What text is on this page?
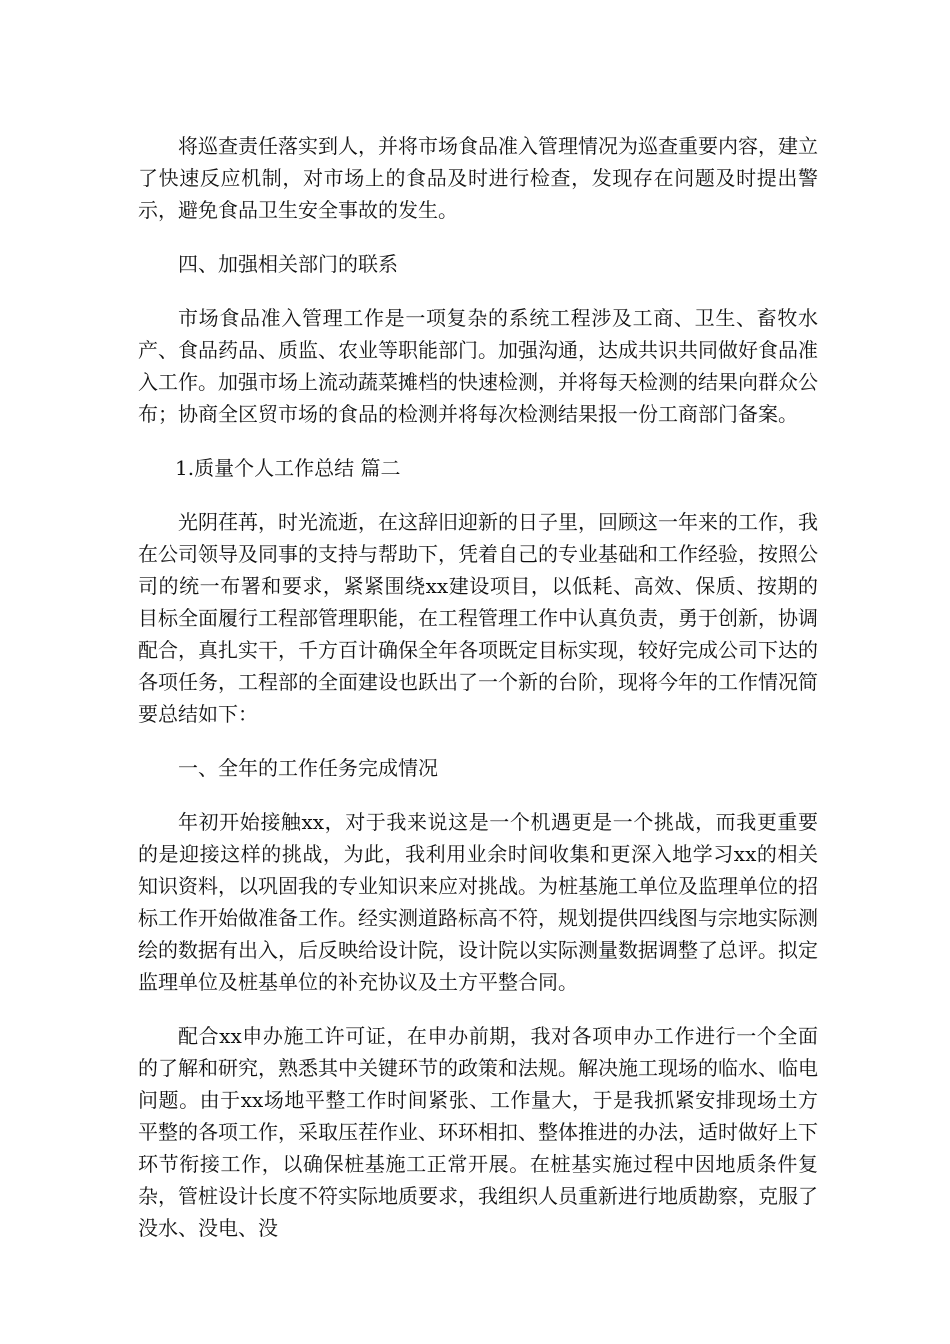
将巡查责任落实到人，并将市场食品准入管理情况为巡查重要内容，建立了快速反应机制，对市场上的食品及时进行检查，发现存在问题及时提出警示，避免食品卫生安全事故的发生。

四、加强相关部门的联系

市场食品准入管理工作是一项复杂的系统工程涉及工商、卫生、畜牧水产、食品药品、质监、农业等职能部门。加强沟通，达成共识共同做好食品准入工作。加强市场上流动蔬菜摊档的快速检测，并将每天检测的结果向群众公布；协商全区贸市场的食品的检测并将每次检测结果报一份工商部门备案。

1.质量个人工作总结 篇二

光阴荏苒，时光流逝，在这辞旧迎新的日子里，回顾这一年来的工作，我在公司领导及同事的支持与帮助下，凭着自己的专业基础和工作经验，按照公司的统一布署和要求，紧紧围绕xx建设项目，以低耗、高效、保质、按期的目标全面履行工程部管理职能，在工程管理工作中认真负责，勇于创新，协调配合，真扎实干，千方百计确保全年各项既定目标实现，较好完成公司下达的各项任务，工程部的全面建设也跃出了一个新的台阶，现将今年的工作情况简要总结如下：

一、全年的工作任务完成情况

年初开始接触xx，对于我来说这是一个机遇更是一个挑战，而我更重要的是迎接这样的挑战，为此，我利用业余时间收集和更深入地学习xx的相关知识资料，以巩固我的专业知识来应对挑战。为桩基施工单位及监理单位的招标工作开始做准备工作。经实测道路标高不符，规划提供四线图与宗地实际测绘的数据有出入，后反映给设计院，设计院以实际测量数据调整了总评。拟定监理单位及桩基单位的补充协议及土方平整合同。

配合xx申办施工许可证，在申办前期，我对各项申办工作进行一个全面的了解和研究，熟悉其中关键环节的政策和法规。解决施工现场的临水、临电问题。由于xx场地平整工作时间紧张、工作量大，于是我抓紧安排现场土方平整的各项工作，采取压茬作业、环环相扣、整体推进的办法，适时做好上下环节衔接工作，以确保桩基施工正常开展。在桩基实施过程中因地质条件复杂，管桩设计长度不符实际地质要求，我组织人员重新进行地质勘察，克服了没水、没电、没
